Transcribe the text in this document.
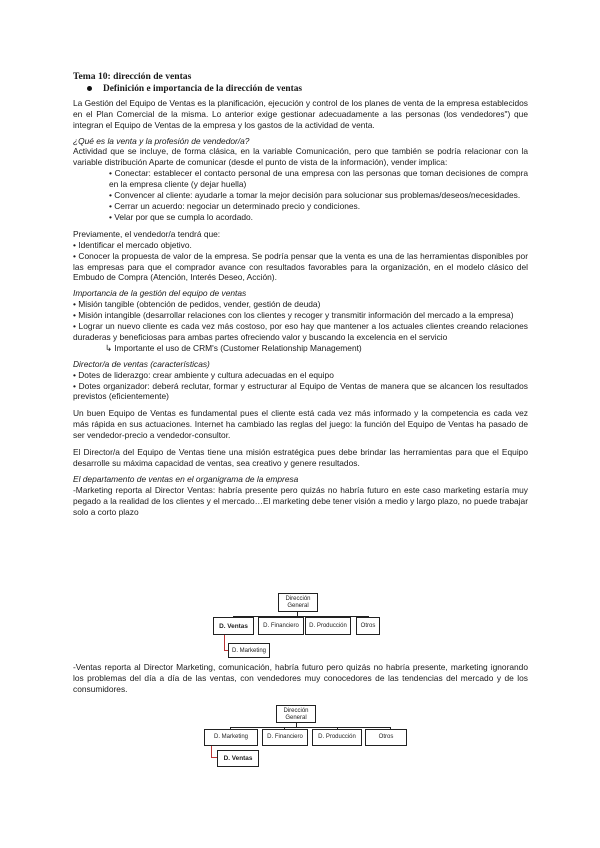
Tema 10: dirección de ventas

Definición e importancia de la dirección de ventas

La Gestión del Equipo de Ventas es la planificación, ejecución y control de los planes de venta de la empresa establecidos en el Plan Comercial de la misma. Lo anterior exige gestionar adecuadamente a las personas (los vendedores") que integran el Equipo de Ventas de la empresa y los gastos de la actividad de venta.

¿Qué es la venta y la profesión de vendedor/a?

Actividad que se incluye, de forma clásica, en la variable Comunicación, pero que también se podría relacionar con la variable distribución Aparte de comunicar (desde el punto de vista de la información), vender implica:

• Conectar: establecer el contacto personal de una empresa con las personas que toman decisiones de compra en la empresa cliente (y dejar huella)

• Convencer al cliente: ayudarle a tomar la mejor decisión para solucionar sus problemas/deseos/necesidades.

• Cerrar un acuerdo: negociar un determinado precio y condiciones.

• Velar por que se cumpla lo acordado.

Previamente, el vendedor/a tendrá que:

• Identificar el mercado objetivo.

• Conocer la propuesta de valor de la empresa. Se podría pensar que la venta es una de las herramientas disponibles por las empresas para que el comprador avance con resultados favorables para la organización, en el modelo clásico del Embudo de Compra (Atención, Interés Deseo, Acción).

Importancia de la gestión del equipo de ventas

• Misión tangible (obtención de pedidos, vender, gestión de deuda)

• Misión intangible (desarrollar relaciones con los clientes y recoger y transmitir información del mercado a la empresa)

• Lograr un nuevo cliente es cada vez más costoso, por eso hay que mantener a los actuales clientes creando relaciones duraderas y beneficiosas para ambas partes ofreciendo valor y buscando la excelencia en el servicio

↳ Importante el uso de CRM's (Customer Relationship Management)

Director/a de ventas (características)

• Dotes de liderazgo: crear ambiente y cultura adecuadas en el equipo

• Dotes organizador: deberá reclutar, formar y estructurar al Equipo de Ventas de manera que se alcancen los resultados previstos (eficientemente)

Un buen Equipo de Ventas es fundamental pues el cliente está cada vez más informado y la competencia es cada vez más rápida en sus actuaciones. Internet ha cambiado las reglas del juego: la función del Equipo de Ventas ha pasado de ser vendedor-precio a vendedor-consultor.

El Director/a del Equipo de Ventas tiene una misión estratégica pues debe brindar las herramientas para que el Equipo desarrolle su máxima capacidad de ventas, sea creativo y genere resultados.

El departamento de ventas en el organigrama de la empresa

-Marketing reporta al Director Ventas: habría presente pero quizás no habría futuro en este caso marketing estaría muy pegado a la realidad de los clientes y el mercado…El marketing debe tener visión a medio y largo plazo, no puede trabajar solo a corto plazo

Dirección General
D. Ventas	D. Financiero	D. Producción	Otros
D. Marketing

-Ventas reporta al Director Marketing, comunicación, habría futuro pero quizás no habría presente, marketing ignorando los problemas del día a día de las ventas, con vendedores muy conocedores de las tendencias del mercado y de los consumidores.

Dirección General
D. Marketing	D. Financiero	D. Producción	Otros
D. Ventas
